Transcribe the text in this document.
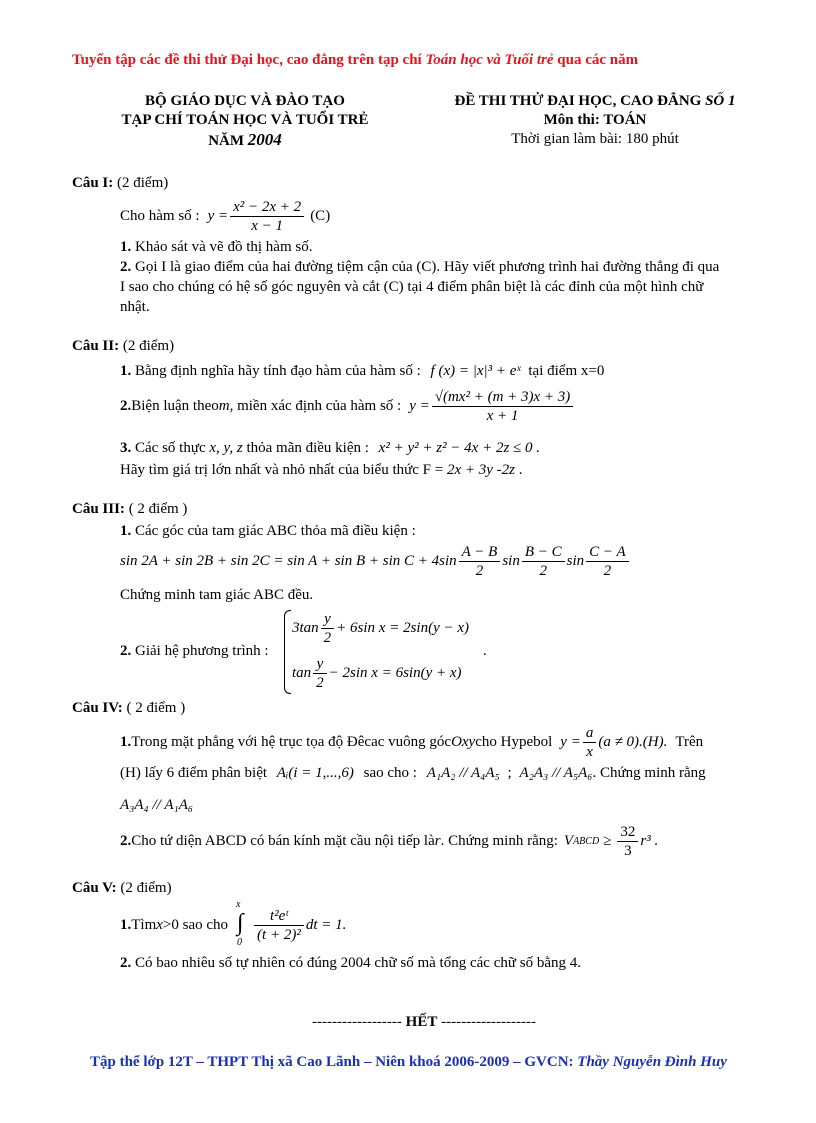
Tuyển tập các đề thi thử Đại học, cao đẳng trên tạp chí Toán học và Tuổi trẻ qua các năm
BỘ GIÁO DỤC VÀ ĐÀO TẠO
TẠP CHÍ TOÁN HỌC VÀ TUỔI TRẺ
NĂM 2004
ĐỀ THI THỬ ĐẠI HỌC, CAO ĐẲNG SỐ 1
Môn thi: TOÁN
Thời gian làm bài: 180 phút
Câu I: (2 điểm)
Cho hàm số : $y = \frac{\text{x² − 2x + 2}}{x - 1} (C)$
1. Khảo sát và vẽ đồ thị hàm số.
2. Gọi I là giao điểm của hai đường tiệm cận của (C). Hãy viết phương trình hai đường thẳng đi qua
I sao cho chúng có hệ số góc nguyên và cắt (C) tại 4 điểm phân biệt là các đỉnh của một hình chữ
nhật.
Câu II: (2 điểm)
1. Bằng định nghĩa hãy tính đạo hàm của hàm số : f (x) = |x|³ + eˣ tại điểm x=0
2. Biện luận theo m , miền xác định của hàm số : $y = \frac{\text{√(mx² + (m + 3)x + 3)}}{x + 1}$
3. Các số thực x, y, z thỏa mãn điều kiện : x² + y² + z² − 4x + 2z ≤ 0 .
Hãy tìm giá trị lớn nhất và nhỏ nhất của biểu thức F = 2x + 3y -2z .
Câu III: ( 2 điểm )
1. Các góc của tam giác ABC thỏa mã điều kiện :
$\sin 2A + \sin 2B + \sin 2C = \sin A + \sin B + \sin C + 4\sin \frac{A - B}{2}$ $\sin \frac{B - C}{2}$ $\sin \frac{C - A}{2}$
Chứng minh tam giác ABC đều.
2. Giải hệ phương trình :
$3\tan \frac{y}{2} + 6\sin$ x = 2sin(y − x)
$\tan \frac{y}{2} - 2\sin$ x = 6sin(y + x)
.
Câu IV: ( 2 điểm )
1. Trong mặt phẳng với hệ trục tọa độ Đêcac vuông góc Oxy cho Hypebol $y = \frac{a}{x} (a \ne 0).(H)$. Trên
(H) lấy 6 điểm phân biệt Aᵢ(i = 1,...,6) sao cho : A₁A₂ // A₄A₅ ; A₂A₃ // A₅A₆. Chứng minh rằng
A₃A₄ // A₁A₆
2. Cho tứ diện ABCD có bán kính mặt cầu nội tiếp là r . Chứng minh rằng: V ABCD ≥ $\frac{32}{3} r^3$ .
Câu V: (2 điểm)
1. Tìm x >0 sao cho
x
∫
$0 \frac{\text{t²eᵗ}}{\text{(t + 2)²}}$ dt = 1.
2. Có bao nhiêu số tự nhiên có đúng 2004 chữ số mà tổng các chữ số bằng 4.
------------------ HẾT -------------------
Tập thể lớp 12T – THPT Thị xã Cao Lãnh – Niên khoá 2006-2009 – GVCN: Thầy Nguyễn Đình Huy
